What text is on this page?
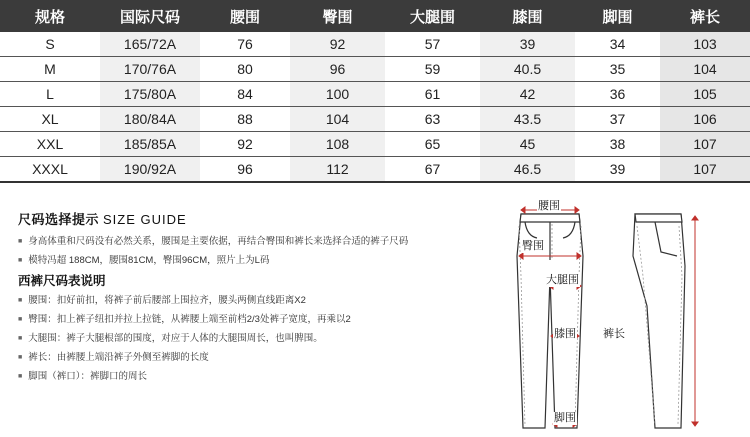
规格	国际尺码	腰围	臀围	大腿围	膝围	脚围	裤长
S	165/72A	76	92	57	39	34	103
M	170/76A	80	96	59	40.5	35	104
L	175/80A	84	100	61	42	36	105
XL	180/84A	88	104	63	43.5	37	106
XXL	185/85A	92	108	65	45	38	107
XXXL	190/92A	96	112	67	46.5	39	107
尺码选择提示 SIZE GUIDE
■ 身高体重和尺码没有必然关系，腰围是主要依据，再结合臀围和裤长来选择合适的裤子尺码
■ 模特冯超 188CM，腰围81CM，臀围96CM，照片上为L码
西裤尺码表说明
■ 腰围：扣好前扣，将裤子前后腰部上围拉齐，腰头两侧直线距离X2
■ 臀围：扣上裤子纽扣并拉上拉链，从裤腰上端至前档2/3处裤子宽度，再乘以2
■ 大腿围：裤子大腿根部的围度，对应于人体的大腿围周长，也叫脾围。
■ 裤长：由裤腰上端沿裤子外侧至裤脚的长度
■ 脚围（裤口）：裤脚口的周长
腰围
臀围
大腿围
膝围
脚围
裤长
